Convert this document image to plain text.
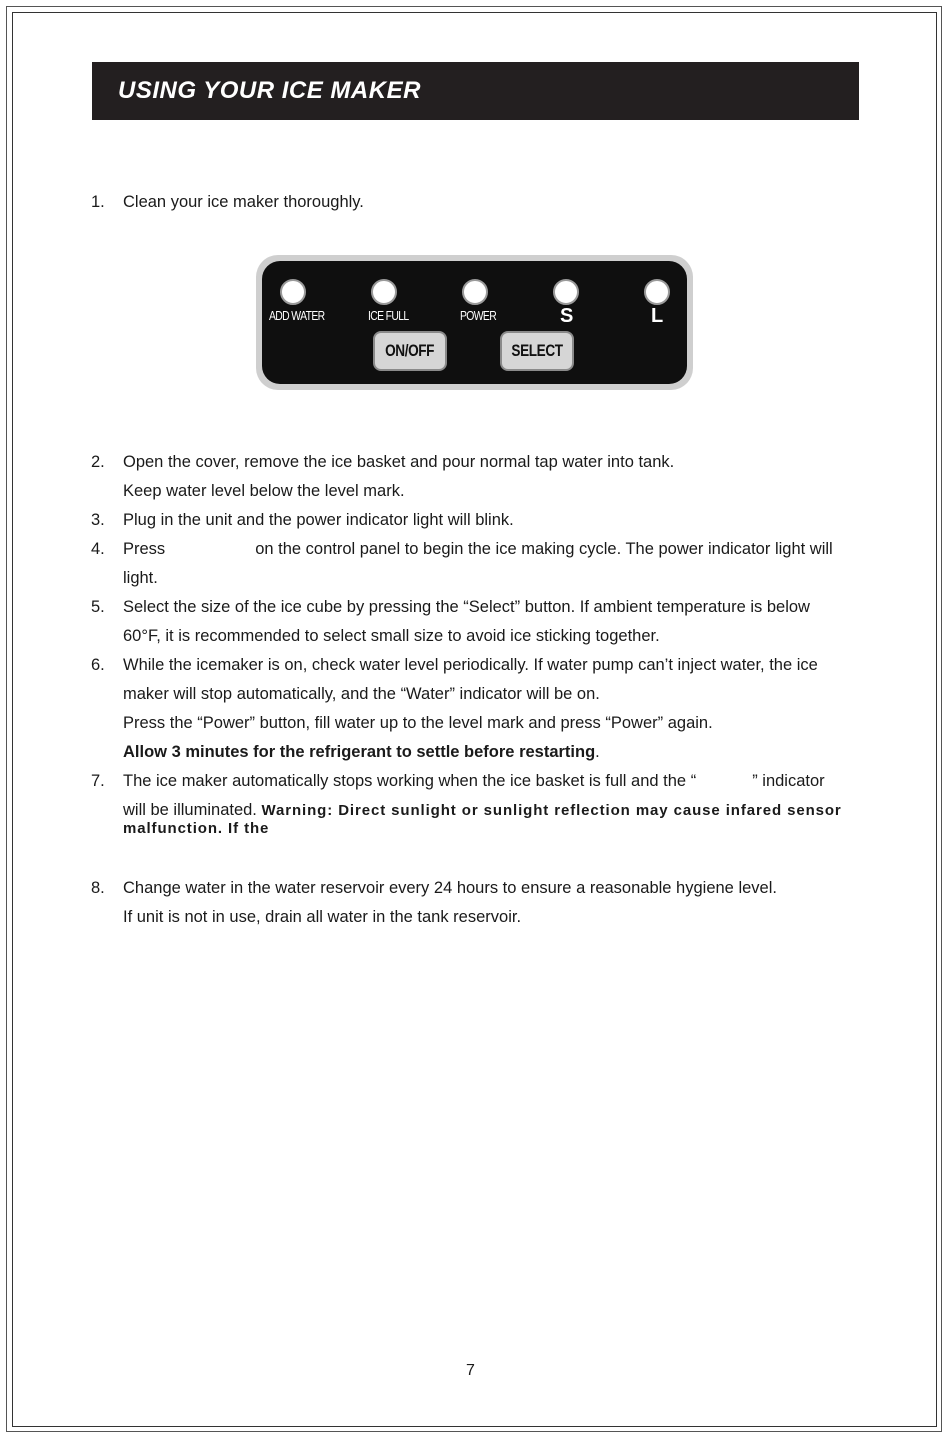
USING YOUR ICE MAKER
1. Clean your ice maker thoroughly.
ADD WATER	ICE FULL	POWER	S	L
ON/OFF	SELECT
2. Open the cover, remove the ice basket and pour normal tap water into tank.
Keep water level below the level mark.
3. Plug in the unit and the power indicator light will blink.
4. Press	on the control panel to begin the ice making cycle. The power indicator light will
light.
5. Select the size of the ice cube by pressing the “Select” button. If ambient temperature is below
60°F, it is recommended to select small size to avoid ice sticking together.
6. While the icemaker is on, check water level periodically. If water pump can’t inject water, the ice
maker will stop automatically, and the “Water” indicator will be on.
Press the “Power” button, fill water up to the level mark and press “Power” again.
Allow 3 minutes for the refrigerant to settle before restarting.
7. The ice maker automatically stops working when the ice basket is full and the “	” indicator
will be illuminated. Warning: Direct sunlight or sunlight reflection may cause infared sensor
malfunction. If the
8. Change water in the water reservoir every 24 hours to ensure a reasonable hygiene level.
If unit is not in use, drain all water in the tank reservoir.
7
